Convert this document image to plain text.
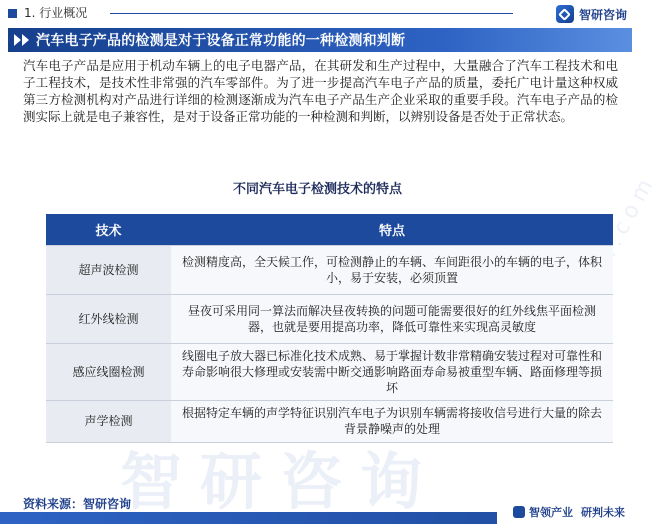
1. 行业概况	智研咨询
汽车电子产品的检测是对于设备正常功能的一种检测和判断
汽车电子产品是应用于机动车辆上的电子电器产品，在其研发和生产过程中，大量融合了汽车工程技术和电子工程技术，是技术性非常强的汽车零部件。为了进一步提高汽车电子产品的质量，委托广电计量这种权威第三方检测机构对产品进行详细的检测逐渐成为汽车电子产品生产企业采取的重要手段。汽车电子产品的检测实际上就是电子兼容性，是对于设备正常功能的一种检测和判断，以辨别设备是否处于正常状态。
不同汽车电子检测技术的特点
技术	特点
超声波检测	检测精度高，全天候工作，可检测静止的车辆、车间距很小的车辆的电子，体积小，易于安装，必须顶置
红外线检测	昼夜可采用同一算法而解决昼夜转换的问题可能需要很好的红外线焦平面检测器，也就是要用提高功率，降低可靠性来实现高灵敏度
感应线圈检测	线圈电子放大器已标准化技术成熟、易于掌握计数非常精确安装过程对可靠性和寿命影响很大修理或安装需中断交通影响路面寿命易被重型车辆、路面修理等损坏
声学检测	根据特定车辆的声学特征识别汽车电子为识别车辆需将接收信号进行大量的除去背景静噪声的处理
智研咨询
资料来源：智研咨询
智领产业 研判未来
